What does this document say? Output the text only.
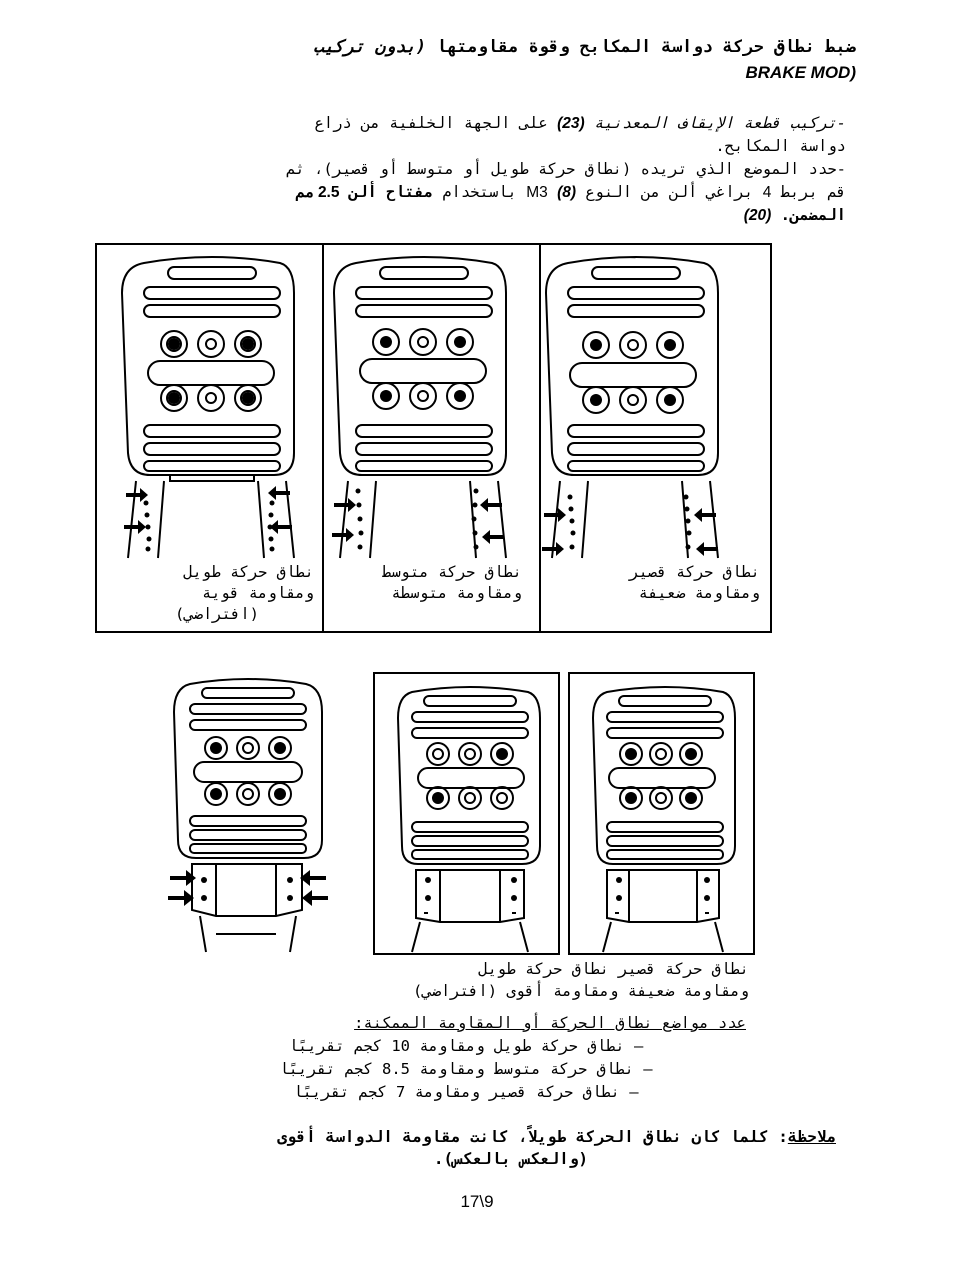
ضبط نطاق حركة دواسة المكابح وقوة مقاومتها (بدون تركيب
(BRAKE MOD
-تركيب قطعة الإيقاف المعدنية (23) على الجهة الخلفية من ذراع
دواسة المكابح.
-حدد الموضع الذي تريده (نطاق حركة طويل أو متوسط أو قصير)، ثم
قم بربط 4 براغي ألن من النوع M3 (8) باستخدام مفتاح ألن 2.5 مم
المضمن. (20)
نطاق حركة طويل
ومقاومة قوية
(افتراضي)
نطاق حركة متوسط
ومقاومة متوسطة
نطاق حركة قصير
ومقاومة ضعيفة
نطاق حركة قصير نطاق حركة طويل
ومقاومة ضعيفة ومقاومة أقوى (افتراضي)
عدد مواضع نطاق الحركة أو المقاومة الممكنة:
– نطاق حركة طويل ومقاومة 10 كجم تقريبًا
– نطاق حركة متوسط ومقاومة 8.5 كجم تقريبًا
– نطاق حركة قصير ومقاومة 7 كجم تقريبًا
ملاحظة: كلما كان نطاق الحركة طويلاً، كانت مقاومة الدواسة أقوى
(والعكس بالعكس).
17\9
